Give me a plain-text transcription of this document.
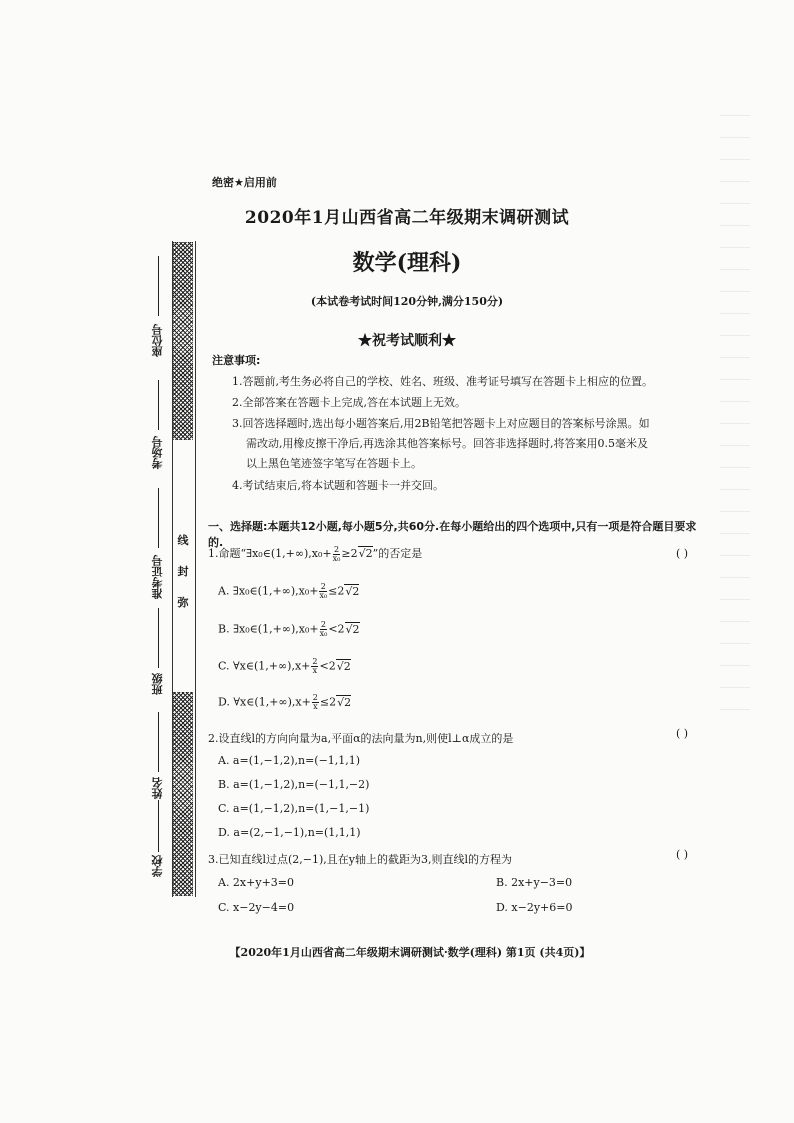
线
封
弥
座位号
考场号
准考证号
班级
姓名
学校
绝密★启用前
2020年1月山西省高二年级期末调研测试
数学(理科)
(本试卷考试时间120分钟,满分150分)
★祝考试顺利★
注意事项:
1.答题前,考生务必将自己的学校、姓名、班级、准考证号填写在答题卡上相应的位置。
2.全部答案在答题卡上完成,答在本试题上无效。
3.回答选择题时,选出每小题答案后,用2B铅笔把答题卡上对应题目的答案标号涂黑。如
需改动,用橡皮擦干净后,再选涂其他答案标号。回答非选择题时,将答案用0.5毫米及
以上黑色笔迹签字笔写在答题卡上。
4.考试结束后,将本试题和答题卡一并交回。
一、选择题:本题共12小题,每小题5分,共60分.在每小题给出的四个选项中,只有一项是符合题目要求的.
1.命题“∃x₀∈(1,+∞),x₀+ $\frac{2}{\text{x₀}} \ge 2√2$”的否定是	( )
A. ∃x₀∈(1,+∞),x₀+ $\frac{2}{\text{x₀}} \le 2√2$
B. ∃x₀∈(1,+∞),x₀+ $\frac{2}{\text{x₀}} <2√2$
C. ∀x∈(1,+∞),x+ $\frac{2}{x} <2√2$
D. ∀x∈(1,+∞),x+ $\frac{2}{x} \le 2√2$
2.设直线l的方向向量为a,平面α的法向量为n,则使l⊥α成立的是	( )
A. a=(1,−1,2),n=(−1,1,1)
B. a=(1,−1,2),n=(−1,1,−2)
C. a=(1,−1,2),n=(1,−1,−1)
D. a=(2,−1,−1),n=(1,1,1)
3.已知直线l过点(2,−1),且在y轴上的截距为3,则直线l的方程为	( )
A. 2x+y+3=0	B. 2x+y−3=0
C. x−2y−4=0	D. x−2y+6=0
【2020年1月山西省高二年级期末调研测试·数学(理科) 第1页 (共4页)】
